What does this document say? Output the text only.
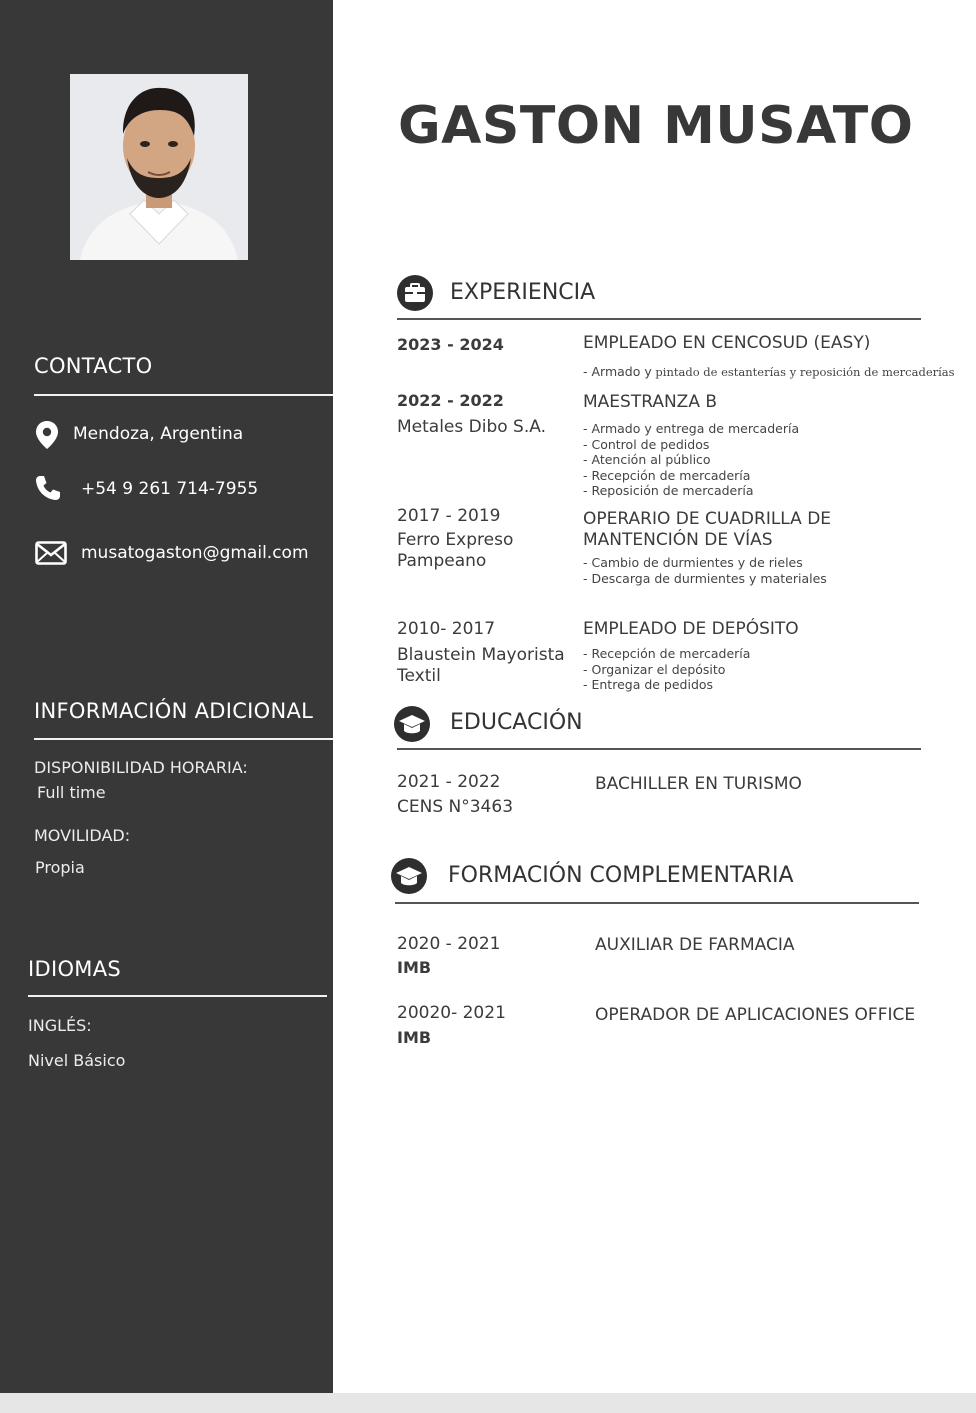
CONTACTO
Mendoza, Argentina
+54 9 261 714-7955
musatogaston@gmail.com
INFORMACIÓN ADICIONAL
DISPONIBILIDAD HORARIA:
Full time
MOVILIDAD:
Propia
IDIOMAS
INGLÉS:
Nivel Básico
GASTON MUSATO
EXPERIENCIA
2023 - 2024	EMPLEADO EN CENCOSUD (EASY)
- Armado y pintado de estanterías y reposición de mercaderías
2022 - 2022
Metales Dibo S.A.
MAESTRANZA B
- Armado y entrega de mercadería
- Control de pedidos
- Atención al público
- Recepción de mercadería
- Reposición de mercadería
2017 - 2019
Ferro Expreso Pampeano
OPERARIO DE CUADRILLA DE MANTENCIÓN DE VÍAS
- Cambio de durmientes y de rieles
- Descarga de durmientes y materiales
2010- 2017
Blaustein Mayorista Textil
EMPLEADO DE DEPÓSITO
- Recepción de mercadería
- Organizar el depósito
- Entrega de pedidos
EDUCACIÓN
2021 - 2022
CENS N°3463
BACHILLER EN TURISMO
FORMACIÓN COMPLEMENTARIA
2020 - 2021
IMB
AUXILIAR DE FARMACIA
20020- 2021
IMB
OPERADOR DE APLICACIONES OFFICE
